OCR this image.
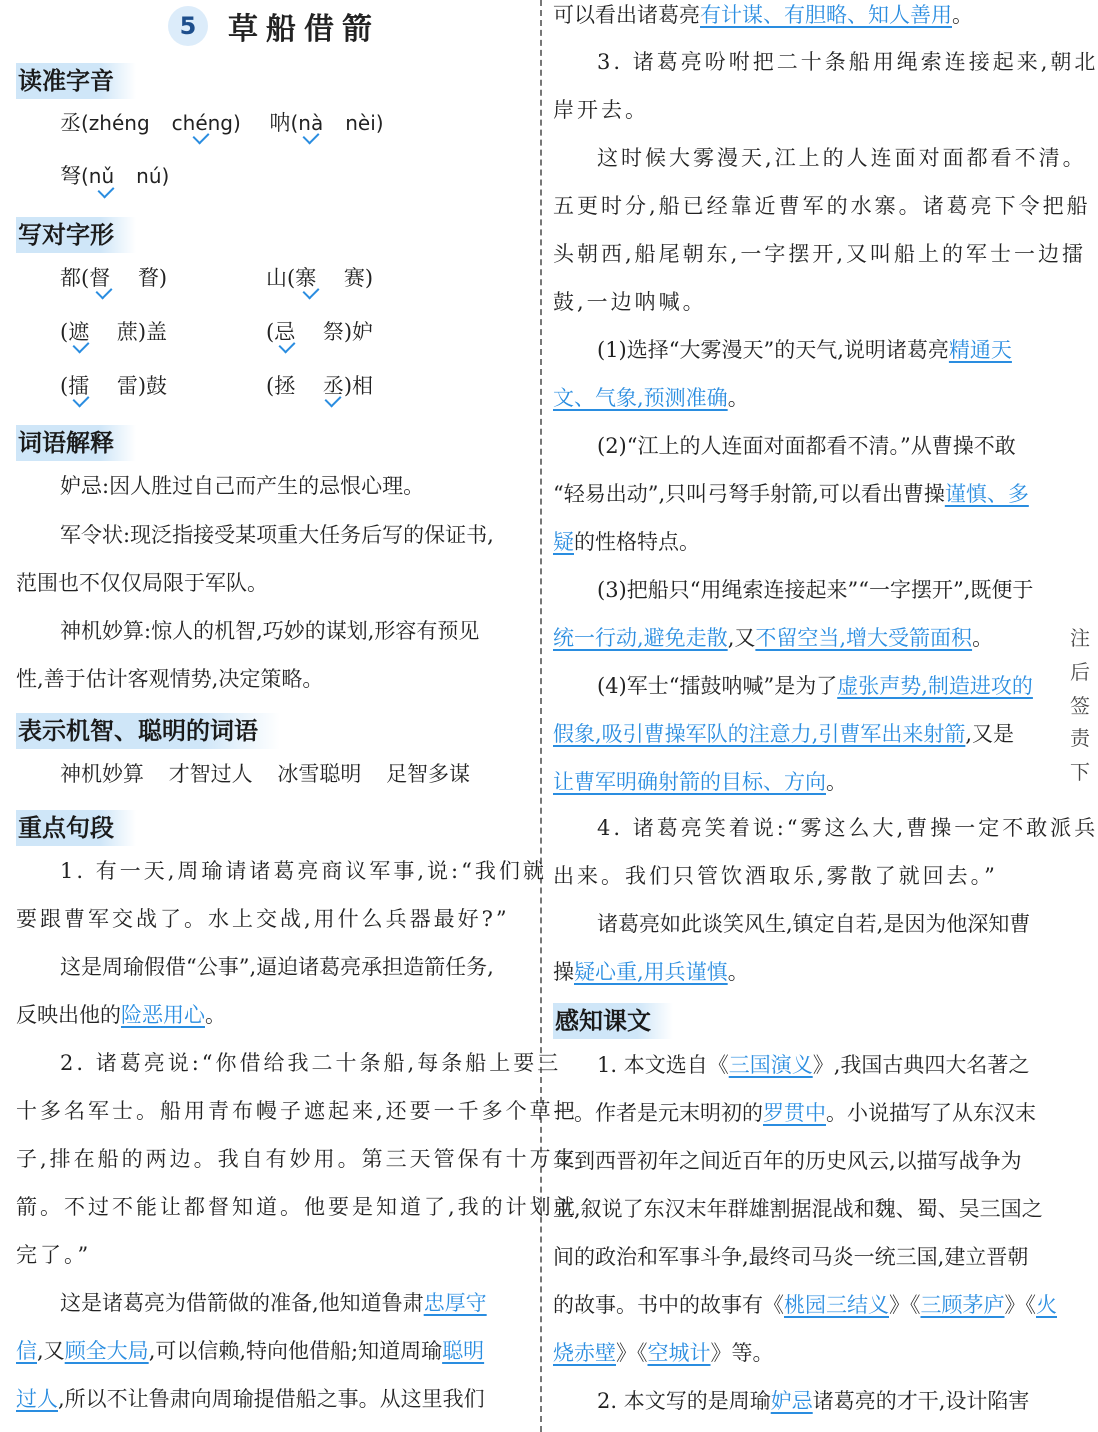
5	草船借箭
读准字音
丞(zhéng chéng) 呐(nà nèi)
弩(nǔ nú)
写对字形
都(督　 瞀)	山(寨　 赛)
(遮　 蔗)盖	(忌　 祭)妒
(擂　 雷)鼓	(拯　 丞)相
词语解释
妒忌:因人胜过自己而产生的忌恨心理。
军令状:现泛指接受某项重大任务后写的保证书,
范围也不仅仅局限于军队。
神机妙算:惊人的机智,巧妙的谋划,形容有预见
性,善于估计客观情势,决定策略。
表示机智、聪明的词语
神机妙算 才智过人 冰雪聪明 足智多谋
重点句段
1. 有一天,周瑜请诸葛亮商议军事,说:“我们就
要跟曹军交战了。水上交战,用什么兵器最好?”
这是周瑜假借“公事”,逼迫诸葛亮承担造箭任务,
反映出他的险恶用心。
2. 诸葛亮说:“你借给我二十条船,每条船上要三
十多名军士。船用青布幔子遮起来,还要一千多个草把
子,排在船的两边。我自有妙用。第三天管保有十万支
箭。不过不能让都督知道。他要是知道了,我的计划就
完了。”
这是诸葛亮为借箭做的准备,他知道鲁肃忠厚守
信,又顾全大局,可以信赖,特向他借船;知道周瑜聪明
过人,所以不让鲁肃向周瑜提借船之事。从这里我们
可以看出诸葛亮有计谋、有胆略、知人善用。
3. 诸葛亮吩咐把二十条船用绳索连接起来,朝北
岸开去。
这时候大雾漫天,江上的人连面对面都看不清。
五更时分,船已经靠近曹军的水寨。诸葛亮下令把船
头朝西,船尾朝东,一字摆开,又叫船上的军士一边擂
鼓,一边呐喊。
(1)选择“大雾漫天”的天气,说明诸葛亮精通天
文、气象,预测准确。
(2)“江上的人连面对面都看不清。”从曹操不敢
“轻易出动”,只叫弓弩手射箭,可以看出曹操谨慎、多
疑的性格特点。
(3)把船只“用绳索连接起来”“一字摆开”,既便于
统一行动,避免走散,又不留空当,增大受箭面积。
(4)军士“擂鼓呐喊”是为了虚张声势,制造进攻的
假象,吸引曹操军队的注意力,引曹军出来射箭,又是
让曹军明确射箭的目标、方向。
4. 诸葛亮笑着说:“雾这么大,曹操一定不敢派兵
出来。我们只管饮酒取乐,雾散了就回去。”
诸葛亮如此谈笑风生,镇定自若,是因为他深知曹
操疑心重,用兵谨慎。
感知课文
1. 本文选自《三国演义》,我国古典四大名著之
一。作者是元末明初的罗贯中。小说描写了从东汉末
年到西晋初年之间近百年的历史风云,以描写战争为
主,叙说了东汉末年群雄割据混战和魏、蜀、吴三国之
间的政治和军事斗争,最终司马炎一统三国,建立晋朝
的故事。书中的故事有《桃园三结义》《三顾茅庐》《火
烧赤壁》《空城计》等。
2. 本文写的是周瑜妒忌诸葛亮的才干,设计陷害
注
后
签
责
下
